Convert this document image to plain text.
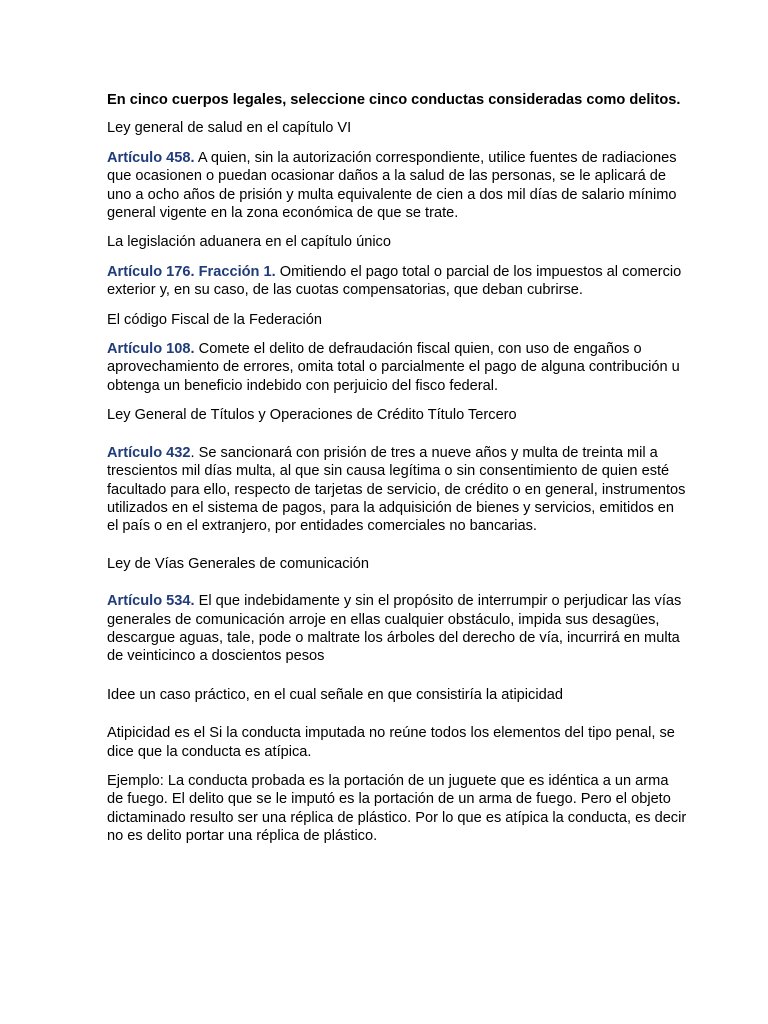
En cinco cuerpos legales, seleccione cinco conductas consideradas como delitos.

Ley general de salud en el capítulo VI

Artículo 458. A quien, sin la autorización correspondiente, utilice fuentes de radiaciones que ocasionen o puedan ocasionar daños a la salud de las personas, se le aplicará de uno a ocho años de prisión y multa equivalente de cien a dos mil días de salario mínimo general vigente en la zona económica de que se trate.

La legislación aduanera en el capítulo único

Artículo 176. Fracción 1. Omitiendo el pago total o parcial de los impuestos al comercio exterior y, en su caso, de las cuotas compensatorias, que deban cubrirse.

El código Fiscal de la Federación

Artículo 108. Comete el delito de defraudación fiscal quien, con uso de engaños o aprovechamiento de errores, omita total o parcialmente el pago de alguna contribución u obtenga un beneficio indebido con perjuicio del fisco federal.

Ley General de Títulos y Operaciones de Crédito Título Tercero

Artículo 432. Se sancionará con prisión de tres a nueve años y multa de treinta mil a trescientos mil días multa, al que sin causa legítima o sin consentimiento de quien esté facultado para ello, respecto de tarjetas de servicio, de crédito o en general, instrumentos utilizados en el sistema de pagos, para la adquisición de bienes y servicios, emitidos en el país o en el extranjero, por entidades comerciales no bancarias.

Ley de Vías Generales de comunicación

Artículo 534. El que indebidamente y sin el propósito de interrumpir o perjudicar las vías generales de comunicación arroje en ellas cualquier obstáculo, impida sus desagües, descargue aguas, tale, pode o maltrate los árboles del derecho de vía, incurrirá en multa de veinticinco a doscientos pesos

Idee un caso práctico, en el cual señale en que consistiría la atipicidad

Atipicidad es el Si la conducta imputada no reúne todos los elementos del tipo penal, se dice que la conducta es atípica.

Ejemplo: La conducta probada es la portación de un juguete que es idéntica a un arma de fuego. El delito que se le imputó es la portación de un arma de fuego. Pero el objeto dictaminado resulto ser una réplica de plástico. Por lo que es atípica la conducta, es decir no es delito portar una réplica de plástico.
